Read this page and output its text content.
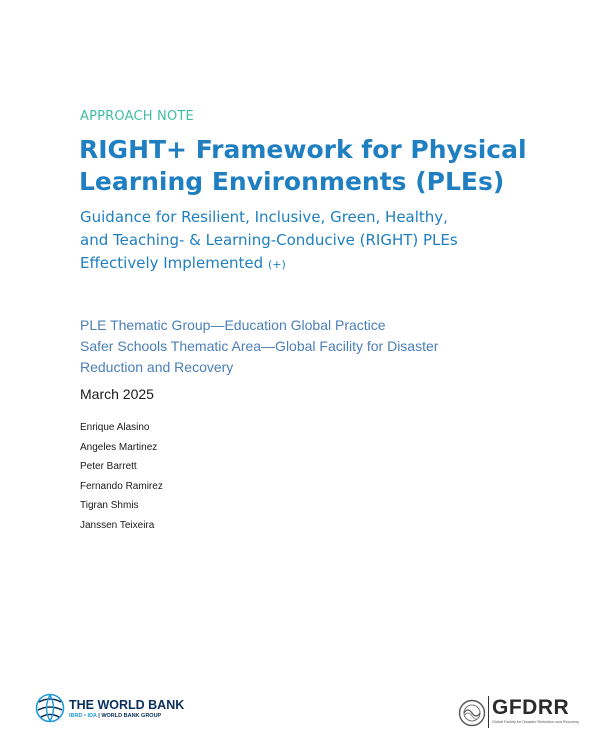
APPROACH NOTE
RIGHT+ Framework for Physical
Learning Environments (PLEs)
Guidance for Resilient, Inclusive, Green, Healthy,
and Teaching- & Learning-Conducive (RIGHT) PLEs
Effectively Implemented (+)
PLE Thematic Group—Education Global Practice
Safer Schools Thematic Area—Global Facility for Disaster
Reduction and Recovery
March 2025
Enrique Alasino
Angeles Martinez
Peter Barrett
Fernando Ramirez
Tigran Shmis
Janssen Teixeira
THE WORLD BANK
IBRD • IDA | WORLD BANK GROUP	GFDRR
Global Facility for Disaster Reduction and Recovery
